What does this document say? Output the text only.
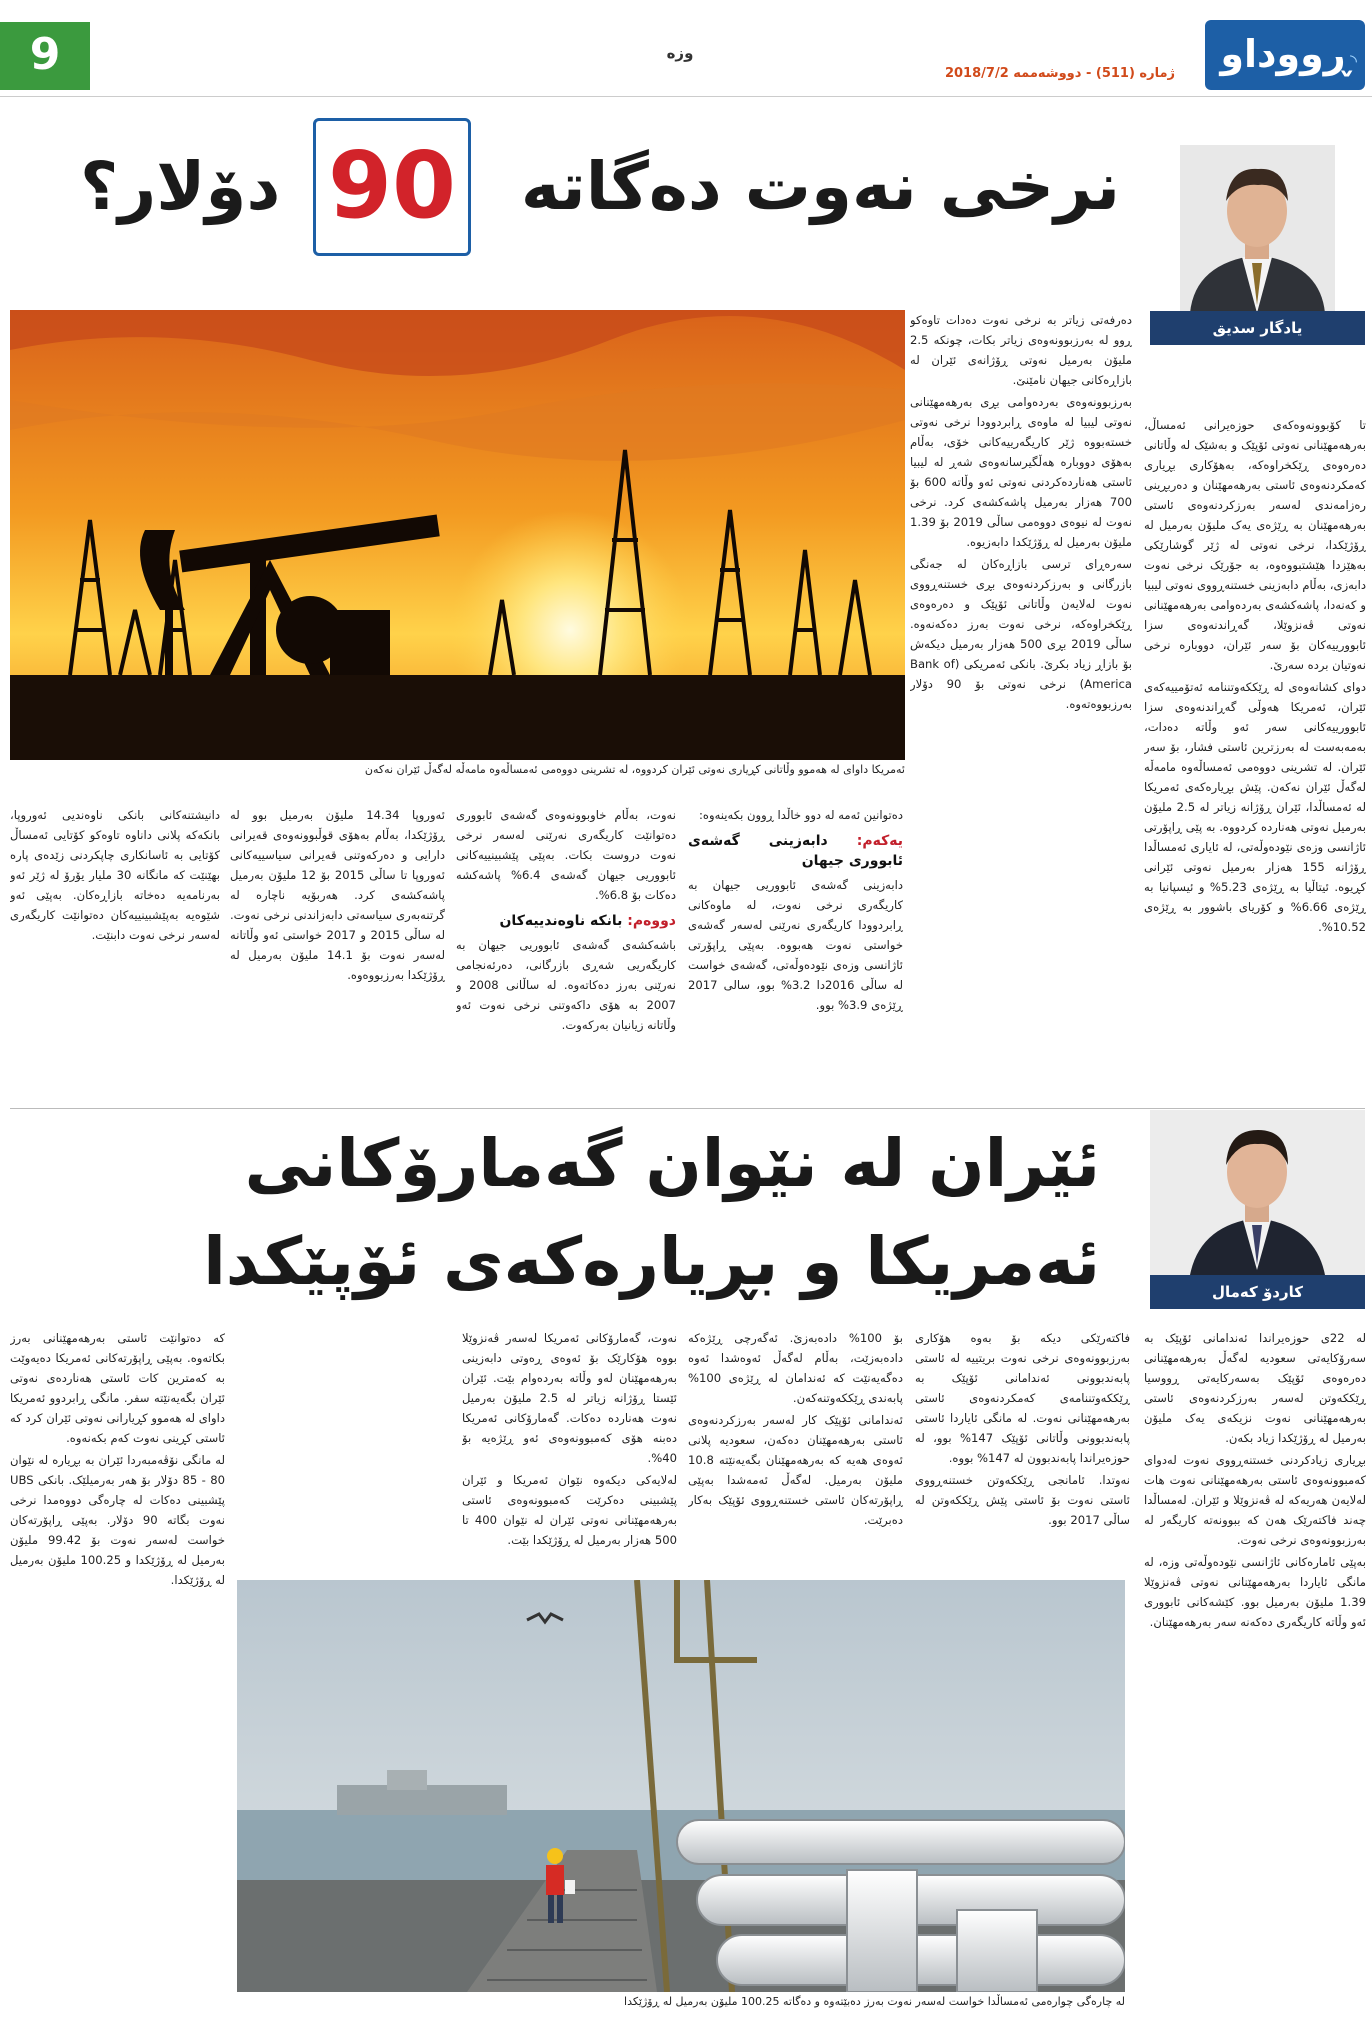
9	وزە
ژمارە (511) - دووشەممە 2018/7/2	ڕووداو ◝
نرخی نەوت دەگاتە
90
دۆلار؟
یادگار سدیق
ئەمریکا داوای لە هەموو وڵاتانی کڕیاری نەوتی ئێران کردووە، لە تشرینی دووەمی ئەمساڵەوە مامەڵە لەگەڵ ئێران نەکەن

تا کۆبوونەوەکەی حوزەیرانی ئەمساڵ، بەرهەمهێنانی نەوتی ئۆپێک و بەشێک لە وڵاتانی دەرەوەی ڕێکخراوەکە، بەهۆکاری بڕیاری کەمکردنەوەی ئاستی بەرهەمهێنان و دەربڕینی رەزامەندی لەسەر بەرزکردنەوەی ئاستی بەرهەمهێنان بە ڕێژەی یەک ملیۆن بەرمیل لە ڕۆژێکدا، نرخی نەوتی لە ژێر گوشارێکی بەهێزدا هێشتبووەوە، بە جۆرێک نرخی نەوت دابەزی، بەڵام دابەزینی خستنەڕووی نەوتی لیبیا و کەنەدا، پاشەکشەی بەردەوامی بەرهەمهێنانی نەوتی ڤەنزوێلا، گەڕاندنەوەی سزا ئابوورییەکان بۆ سەر ئێران، دووبارە نرخی نەوتیان بردە سەرێ.

دوای کشانەوەی لە ڕێککەوتننامە ئەتۆمییەکەی ئێران، ئەمریکا هەوڵی گەڕاندنەوەی سزا ئابوورییەکانی سەر ئەو وڵاتە دەدات، بەمەبەست لە بەرزترین ئاستی فشار، بۆ سەر ئێران. لە تشرینی دووەمی ئەمساڵەوە مامەڵە لەگەڵ ئێران نەکەن. پێش بڕیارەکەی ئەمریکا لە ئەمساڵدا، ئێران ڕۆژانە زیاتر لە 2.5 ملیۆن بەرمیل نەوتی هەناردە کردووە. بە پێی ڕاپۆرتی ئاژانسی وزەی نێودەوڵەتی، لە ئایاری ئەمساڵدا ڕۆژانە 155 هەزار بەرمیل نەوتی ئێرانی کڕیوە. ئیتاڵیا بە ڕێژەی 5.23% و ئیسپانیا بە ڕێژەی 6.66% و کۆریای باشوور بە ڕێژەی 10.52%.

دەرفەتی زیاتر بە نرخی نەوت دەدات تاوەکو ڕوو لە بەرزبوونەوەی زیاتر بکات، چونکە 2.5 ملیۆن بەرمیل نەوتی ڕۆژانەی ئێران لە بازاڕەکانی جیهان نامێنێ.

بەرزبوونەوەی بەردەوامی بڕی بەرهەمهێنانی نەوتی لیبیا لە ماوەی ڕابردوودا نرخی نەوتی خستەبووە ژێر کاریگەرییەکانی خۆی، بەڵام بەهۆی دووبارە هەڵگیرسانەوەی شەڕ لە لیبیا ئاستی هەناردەکردنی نەوتی ئەو وڵاتە 600 بۆ 700 هەزار بەرمیل پاشەکشەی کرد. نرخی نەوت لە نیوەی دووەمی ساڵی 2019 بۆ 1.39 ملیۆن بەرمیل لە ڕۆژێکدا دابەزیوە.

سەرەڕای ترسی بازاڕەکان لە جەنگی بازرگانی و بەرزکردنەوەی بڕی خستنەڕووی نەوت لەلایەن وڵاتانی ئۆپێک و دەرەوەی ڕێکخراوەکە، نرخی نەوت بەرز دەکەنەوە. ساڵی 2019 بڕی 500 هەزار بەرمیل دیکەش بۆ بازاڕ زیاد بکرێ. بانکی ئەمریکی (Bank of America) نرخی نەوتی بۆ 90 دۆلار بەرزبووەتەوە.

دەتوانین ئەمە لە دوو خاڵدا ڕوون بکەینەوە:

یەکەم: دابەزینی گەشەی ئابووری جیهان

دابەزینی گەشەی ئابووریی جیهان بە کاریگەری نرخی نەوت، لە ماوەکانی ڕابردوودا کاریگەری نەرێنی لەسەر گەشەی خواستی نەوت هەبووە. بەپێی ڕاپۆرتی ئاژانسی وزەی نێودەوڵەتی، گەشەی خواست لە ساڵی 2016دا 3.2% بوو، سالی 2017 ڕێژەی 3.9% بوو.

نەوت، بەڵام خاوبوونەوەی گەشەی ئابووری دەتوانێت کاریگەری نەرێنی لەسەر نرخی نەوت دروست بکات. بەپێی پێشبینییەکانی ئابووریی جیهان گەشەی 6.4% پاشەکشە دەکات بۆ 6.8%.

دووەم: بانکە ناوەندییەکان

باشەکشەی گەشەی ئابووریی جیهان بە کاریگەریی شەڕی بازرگانی، دەرئەنجامی نەرێنی بەرز دەکاتەوە. لە ساڵانی 2008 و 2007 بە هۆی داکەوتنی نرخی نەوت ئەو وڵاتانە زیانیان بەرکەوت.

ئەوروپا 14.34 ملیۆن بەرمیل بوو لە ڕۆژێکدا، بەڵام بەهۆی قوڵبوونەوەی قەیرانی دارایی و دەرکەوتنی قەیرانی سیاسییەکانی ئەوروپا تا ساڵی 2015 بۆ 12 ملیۆن بەرمیل پاشەکشەی کرد. هەربۆیە ناچارە لە گرتنەبەری سیاسەتی دابەزاندنی نرخی نەوت. لە ساڵی 2015 و 2017 خواستی ئەو وڵاتانە لەسەر نەوت بۆ 14.1 ملیۆن بەرمیل لە ڕۆژێکدا بەرزبووەوە.

دانیشتنەکانی بانکی ناوەندیی ئەوروپا، بانکەکە پلانی داناوە تاوەکو کۆتایی ئەمساڵ کۆتایی بە ئاسانکاری چاپکردنی زێدەی پارە بهێنێت کە مانگانە 30 ملیار یۆرۆ لە ژێر ئەو بەرنامەیە دەخاتە بازاڕەکان. بەپێی ئەو شێوەیە بەپێشبینییەکان دەتوانێت کاریگەری لەسەر نرخی نەوت دابنێت.

ئێران لە نێوان گەمارۆکانی
ئەمریکا و بڕیارەکەی ئۆپێکدا	کاردۆ کەمال

لە 22ی حوزەیراندا ئەندامانی ئۆپێک بە سەرۆکایەتی سعودیە لەگەڵ بەرهەمهێنانی دەرەوەی ئۆپێک بەسەرکایەتی ڕووسیا ڕێککەوتن لەسەر بەرزکردنەوەی ئاستی بەرهەمهێنانی نەوت نزیکەی یەک ملیۆن بەرمیل لە ڕۆژێکدا زیاد بکەن.

بڕیاری زیادکردنی خستنەڕووی نەوت لەدوای کەمبوونەوەی ئاستی بەرهەمهێنانی نەوت هات لەلایەن هەریەکە لە ڤەنزوێلا و ئێران. لەمساڵدا چەند فاکتەرێک هەن کە ببوونەتە کاریگەر لە بەرزبوونەوەی نرخی نەوت.

بەپێی ئامارەکانی ئاژانسی نێودەوڵەتی وزە، لە مانگی ئایاردا بەرهەمهێنانی نەوتی ڤەنزوێلا 1.39 ملیۆن بەرمیل بوو. کێشەکانی ئابووری ئەو وڵاتە کاریگەری دەکەنە سەر بەرهەمهێنان.

فاکتەرێکی دیکە بۆ بەوە هۆکاری بەرزبوونەوەی نرخی نەوت بریتییە لە ئاستی پابەندبوونی ئەندامانی ئۆپێک بە ڕێککەوتننامەی کەمکردنەوەی ئاستی بەرهەمهێنانی نەوت. لە مانگی ئایاردا ئاستی پابەندبوونی وڵاتانی ئۆپێک 147% بوو، لە حوزەیراندا پابەندبوون لە 147% بووە.

نەوتدا. ئامانجی ڕێککەوتن خستنەڕووی ئاستی نەوت بۆ ئاستی پێش ڕێککەوتن لە ساڵی 2017 بوو.

بۆ 100% دادەبەزێ. ئەگەرچی ڕێژەکە دادەبەزێت، بەڵام لەگەڵ ئەوەشدا ئەوە دەگەیەنێت کە ئەندامان لە ڕێژەی 100% پابەندی ڕێککەوتنەکەن.

ئەندامانی ئۆپێک کار لەسەر بەرزکردنەوەی ئاستی بەرهەمهێنان دەکەن، سعودیە پلانی ئەوەی هەیە کە بەرهەمهێنان بگەیەنێتە 10.8 ملیۆن بەرمیل. لەگەڵ ئەمەشدا بەپێی ڕاپۆرتەکان ئاستی خستنەڕووی ئۆپێک بەکار دەبرێت.

نەوت، گەمارۆکانی ئەمریکا لەسەر ڤەنزوێلا بووە هۆکارێک بۆ ئەوەی ڕەوتی دابەزینی بەرهەمهێنان لەو وڵاتە بەردەوام بێت. ئێران ئێستا ڕۆژانە زیاتر لە 2.5 ملیۆن بەرمیل نەوت هەناردە دەکات. گەمارۆکانی ئەمریکا دەبنە هۆی کەمبوونەوەی ئەو ڕێژەیە بۆ 40%.

لەلایەکی دیکەوە نێوان ئەمریکا و ئێران پێشبینی دەکرێت کەمبوونەوەی ئاستی بەرهەمهێنانی نەوتی ئێران لە نێوان 400 تا 500 هەزار بەرمیل لە ڕۆژێکدا بێت.

کە دەتوانێت ئاستی بەرهەمهێنانی بەرز بکاتەوە. بەپێی ڕاپۆرتەکانی ئەمریکا دەیەوێت بە کەمترین کات ئاستی هەناردەی نەوتی ئێران بگەیەنێتە سفر. مانگی ڕابردوو ئەمریکا داوای لە هەموو کڕیارانی نەوتی ئێران کرد کە ئاستی کڕینی نەوت کەم بکەنەوە.

لە مانگی نۆڤەمبەردا ئێران بە بڕیارە لە نێوان 80 - 85 دۆلار بۆ هەر بەرمیلێک. بانکی UBS پێشبینی دەکات لە چارەگی دووەمدا نرخی نەوت بگاتە 90 دۆلار. بەپێی ڕاپۆرتەکان خواست لەسەر نەوت بۆ 99.42 ملیۆن بەرمیل لە ڕۆژێکدا و 100.25 ملیۆن بەرمیل لە ڕۆژێکدا.

لە چارەگی چوارەمی ئەمساڵدا خواست لەسەر نەوت بەرز دەبێتەوە و دەگاتە 100.25 ملیۆن بەرمیل لە ڕۆژێکدا
